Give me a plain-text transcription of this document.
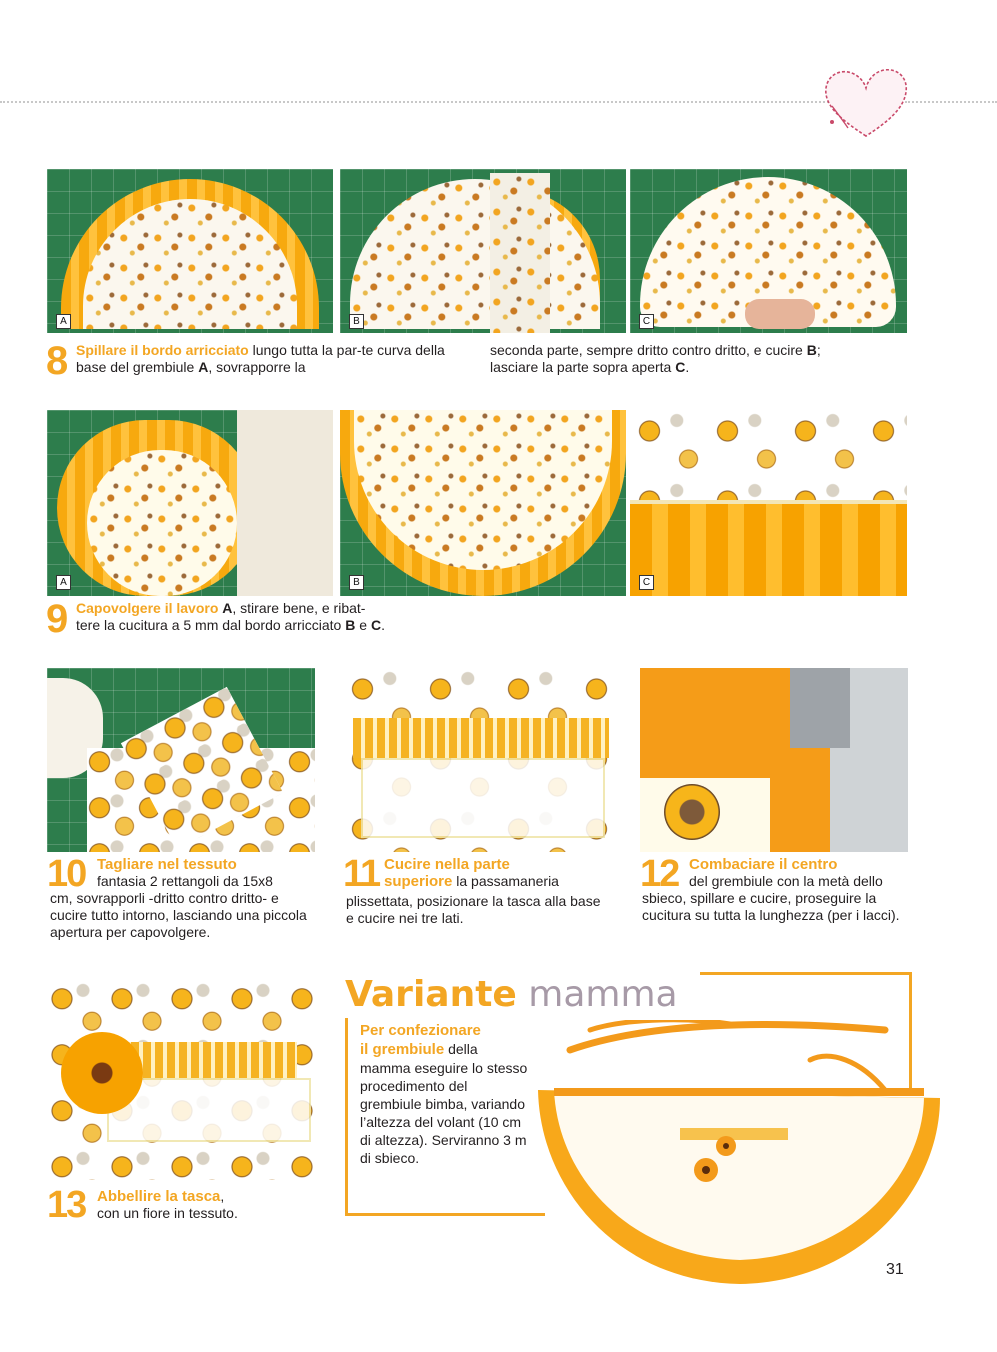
A	B	C
8 Spillare il bordo arricciato lungo tutta la par-te curva della base del grembiule A, sovrapporre la
seconda parte, sempre dritto contro dritto, e cucire B;
lasciare la parte sopra aperta C.
A	B	C
9 Capovolgere il lavoro A, stirare bene, e ribat-
tere la cucitura a 5 mm dal bordo arricciato B e C.
10 Tagliare nel tessuto
fantasia 2 rettangoli da 15x8
cm, sovrapporli -dritto contro dritto- e cucire tutto intorno, lasciando una piccola apertura per capovolgere.
11 Cucire nella parte
superiore la passamaneria
plissettata, posizionare la tasca alla base e cucire nei tre lati.
12 Combaciare il centro
del grembiule con la metà dello
sbieco, spillare e cucire, proseguire la cucitura su tutta la lunghezza (per i lacci).
13 Abbellire la tasca,
con un fiore in tessuto.
Variante mamma
Per confezionare
il grembiule della
mamma eseguire lo stesso procedimento del grembiule bimba, variando l’altezza del volant (10 cm di altezza). Serviranno 3 m di sbieco.
31
